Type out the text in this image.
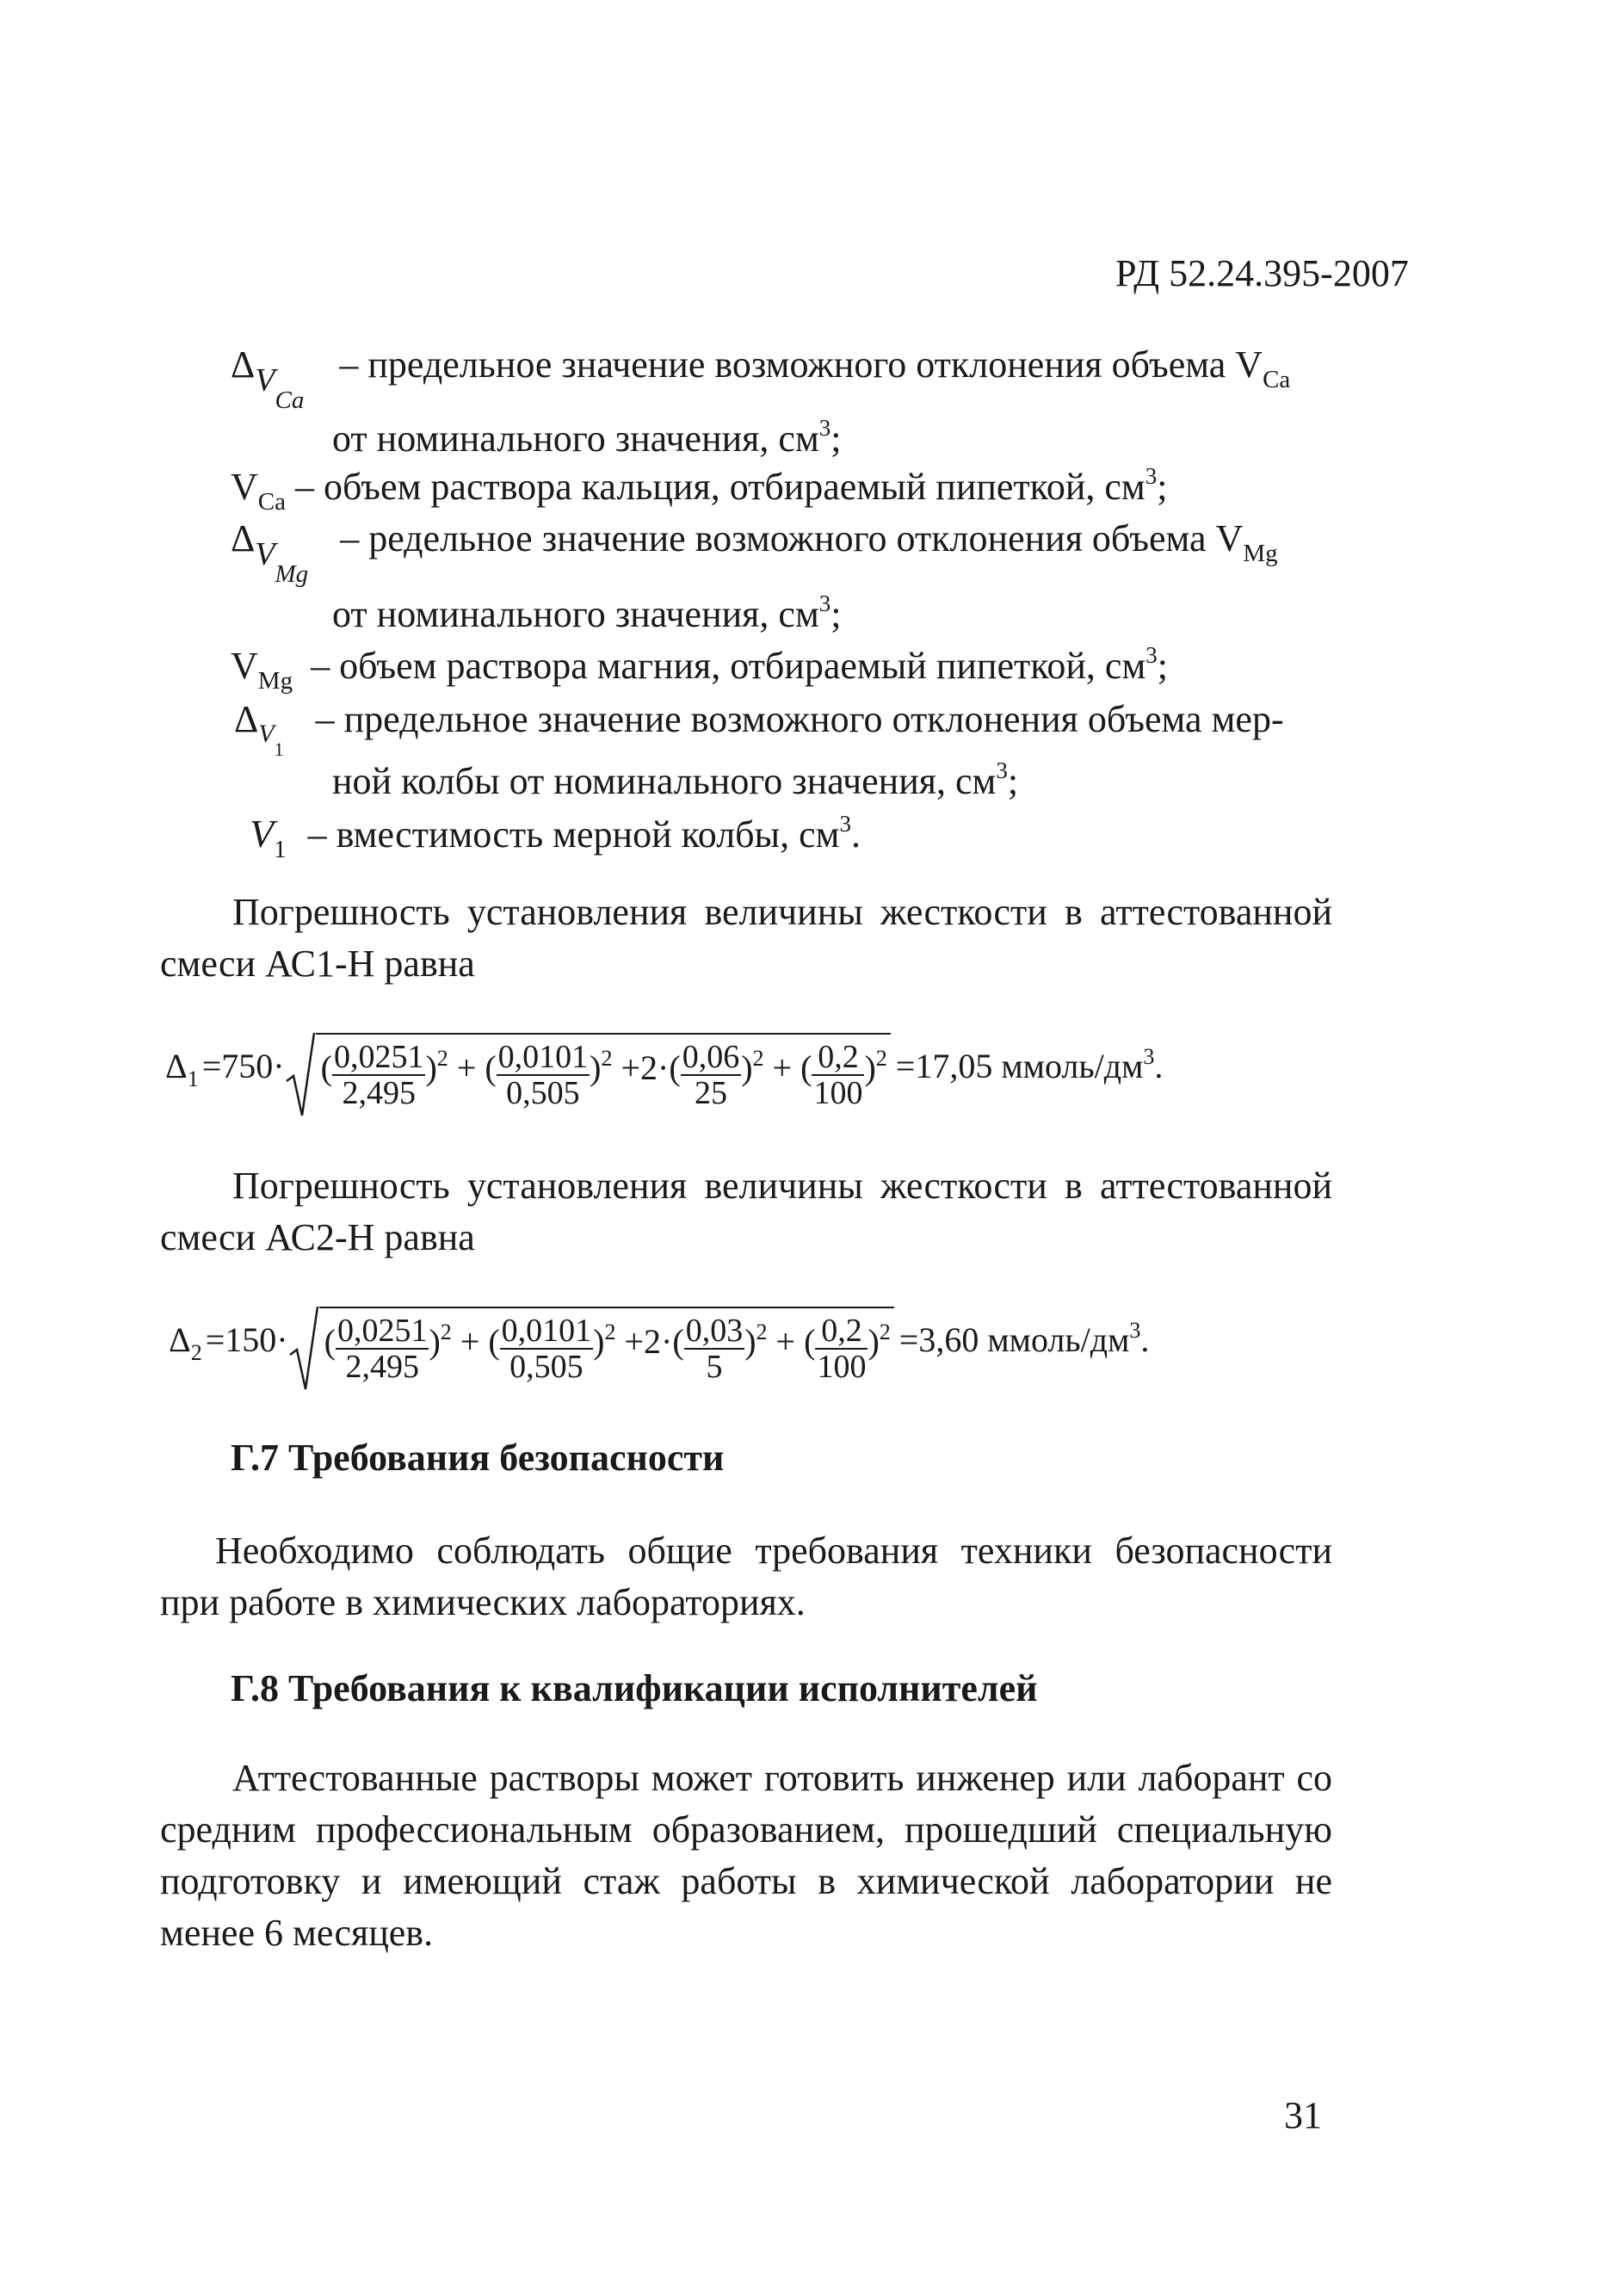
РД 52.24.395-2007
$\Delta V_{Ca}$ – предельное значение возможного отклонения объема $V_{Ca}$
от номинального значения, $см^3$;
$V_{Ca}$ – объем раствора кальция, отбираемый пипеткой, $см^3$;
$\Delta V_{Mg}$ – редельное значение возможного отклонения объема $V_{Mg}$
от номинального значения, $см^3$;
$V_{Mg}$ – объем раствора магния, отбираемый пипеткой, $см^3$;
$\Delta_{V1}$ – предельное значение возможного отклонения объема мер-
ной колбы от номинального значения, $см^3$;
$V_1$ – вместимость мерной колбы, $см^3$.
Погрешность установления величины жесткости в аттестованной смеси АС1-Н равна
$\Delta_1 =750\cdot$ ( $\frac{0,0251}{2,495} )^2$ + ( $\frac{0,0101}{0,505} )^2 +2\cdot( \frac{0,06}{25} )^2$ + ( $\frac{0,2}{100} )^2 =17,05$ ммоль/$дм^3$.
Погрешность установления величины жесткости в аттестованной смеси АС2-Н равна
$\Delta_2 =150\cdot$ ( $\frac{0,0251}{2,495} )^2$ + ( $\frac{0,0101}{0,505} )^2 +2\cdot( \frac{0,03}{5} )^2$ + ( $\frac{0,2}{100} )^2 =3,60$ ммоль/$дм^3$.
Г.7 Требования безопасности
Необходимо соблюдать общие требования техники безопасности при работе в химических лабораториях.
Г.8 Требования к квалификации исполнителей
Аттестованные растворы может готовить инженер или лаборант со средним профессиональным образованием, прошедший специальную подготовку и имеющий стаж работы в химической лаборатории не менее 6 месяцев.
31
